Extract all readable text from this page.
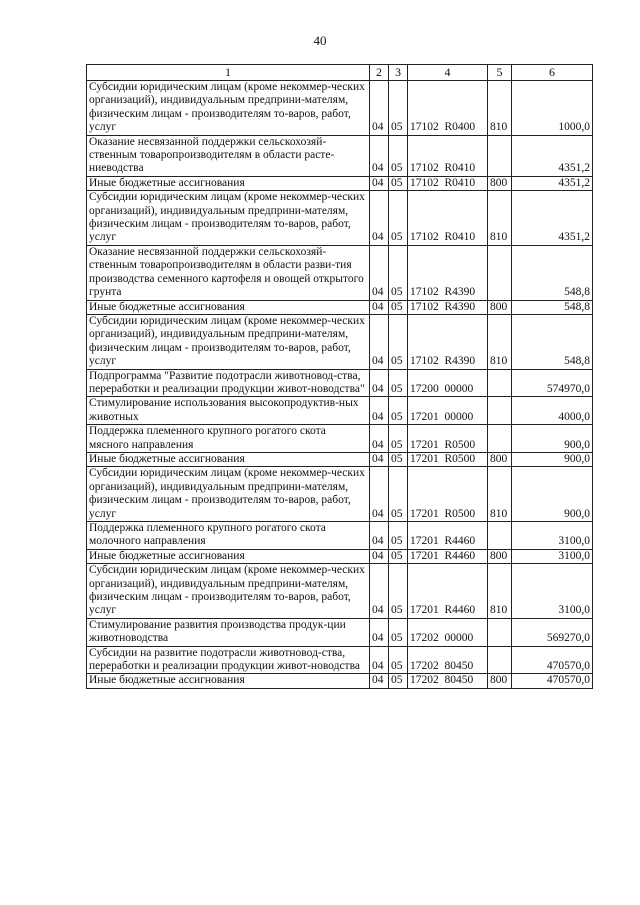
40
1	2	3	4	5	6
Субсидии юридическим лицам (кроме некоммер-ческих организаций), индивидуальным предприни-мателям, физическим лицам - производителям то-варов, работ, услуг	04	05	17102  R0400	810	1000,0
Оказание несвязанной поддержки сельскохозяй-ственным товаропроизводителям в области расте-ниеводства	04	05	17102  R0410		4351,2
Иные бюджетные ассигнования	04	05	17102  R0410	800	4351,2
Субсидии юридическим лицам (кроме некоммер-ческих организаций), индивидуальным предприни-мателям, физическим лицам - производителям то-варов, работ, услуг	04	05	17102  R0410	810	4351,2
Оказание несвязанной поддержки сельскохозяй-ственным товаропроизводителям в области разви-тия производства семенного картофеля и овощей открытого грунта	04	05	17102  R4390		548,8
Иные бюджетные ассигнования	04	05	17102  R4390	800	548,8
Субсидии юридическим лицам (кроме некоммер-ческих организаций), индивидуальным предприни-мателям, физическим лицам - производителям то-варов, работ, услуг	04	05	17102  R4390	810	548,8
Подпрограмма "Развитие подотрасли животновод-ства, переработки и реализации продукции живот-новодства"	04	05	17200  00000		574970,0
Стимулирование использования высокопродуктив-ных животных	04	05	17201  00000		4000,0
Поддержка племенного крупного рогатого скота мясного направления	04	05	17201  R0500		900,0
Иные бюджетные ассигнования	04	05	17201  R0500	800	900,0
Субсидии юридическим лицам (кроме некоммер-ческих организаций), индивидуальным предприни-мателям, физическим лицам - производителям то-варов, работ, услуг	04	05	17201  R0500	810	900,0
Поддержка племенного крупного рогатого скота молочного направления	04	05	17201  R4460		3100,0
Иные бюджетные ассигнования	04	05	17201  R4460	800	3100,0
Субсидии юридическим лицам (кроме некоммер-ческих организаций), индивидуальным предприни-мателям, физическим лицам - производителям то-варов, работ, услуг	04	05	17201  R4460	810	3100,0
Стимулирование развития производства продук-ции животноводства	04	05	17202  00000		569270,0
Субсидии на развитие подотрасли животновод-ства, переработки и реализации продукции живот-новодства	04	05	17202  80450		470570,0
Иные бюджетные ассигнования	04	05	17202  80450	800	470570,0
